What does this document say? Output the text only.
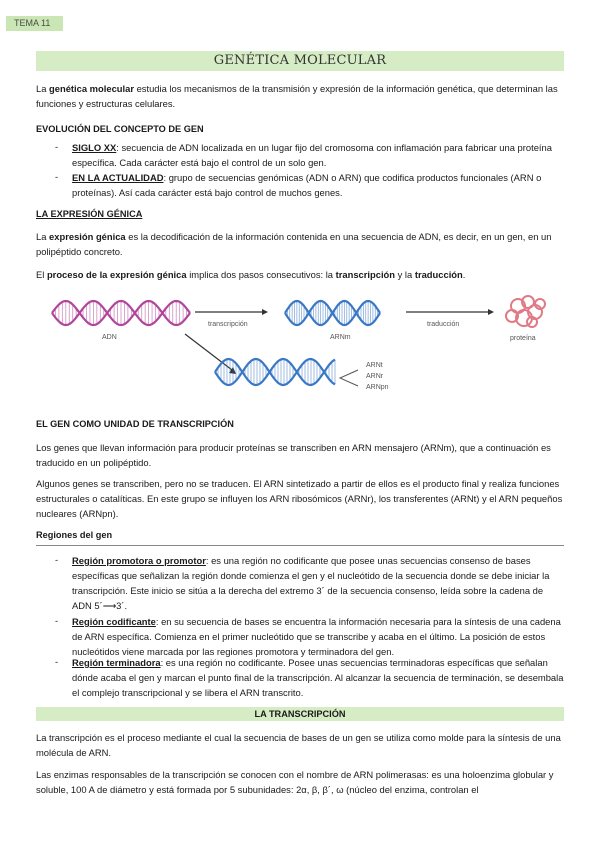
TEMA 11
GENÉTICA MOLECULAR

La genética molecular estudia los mecanismos de la transmisión y expresión de la información genética, que determinan las funciones y estructuras celulares.

EVOLUCIÓN DEL CONCEPTO DE GEN

- SIGLO XX: secuencia de ADN localizada en un lugar fijo del cromosoma con inflamación para fabricar una proteína específica. Cada carácter está bajo el control de un solo gen.

- EN LA ACTUALIDAD: grupo de secuencias genómicas (ADN o ARN) que codifica productos funcionales (ARN o proteínas). Así cada carácter está bajo control de muchos genes.

LA EXPRESIÓN GÉNICA

La expresión génica es la decodificación de la información contenida en una secuencia de ADN, es decir, en un gen, en un polipéptido concreto.

El proceso de la expresión génica implica dos pasos consecutivos: la transcripción y la traducción.

ADN
transcripción
ARNm
traducción
proteína
ARNt
ARNr
ARNpn

EL GEN COMO UNIDAD DE TRANSCRIPCIÓN

Los genes que llevan información para producir proteínas se transcriben en ARN mensajero (ARNm), que a continuación es traducido en un polipéptido.

Algunos genes se transcriben, pero no se traducen. El ARN sintetizado a partir de ellos es el producto final y realiza funciones estructurales o catalíticas. En este grupo se influyen los ARN ribosómicos (ARNr), los transferentes (ARNt) y el ARN pequeños nucleares (ARNpn).

Regiones del gen

- Región promotora o promotor: es una región no codificante que posee unas secuencias consenso de bases específicas que señalizan la región donde comienza el gen y el nucleótido de la secuencia donde se debe iniciar la transcripción. Este inicio se sitúa a la derecha del extremo 3´ de la secuencia consenso, leída sobre la cadena de ADN 5´⟶3´.

- Región codificante: en su secuencia de bases se encuentra la información necesaria para la síntesis de una cadena de ARN específica. Comienza en el primer nucleótido que se transcribe y acaba en el último. La posición de estos nucleótidos viene marcada por las regiones promotora y terminadora del gen.

- Región terminadora: es una región no codificante. Posee unas secuencias terminadoras específicas que señalan dónde acaba el gen y marcan el punto final de la transcripción. Al alcanzar la secuencia de terminación, se desembala el complejo transcripcional y se libera el ARN transcrito.

LA TRANSCRIPCIÓN

La transcripción es el proceso mediante el cual la secuencia de bases de un gen se utiliza como molde para la síntesis de una molécula de ARN.

Las enzimas responsables de la transcripción se conocen con el nombre de ARN polimerasas: es una holoenzima globular y soluble, 100 A de diámetro y está formada por 5 subunidades: 2α, β, β´, ω (núcleo del enzima, controlan el
